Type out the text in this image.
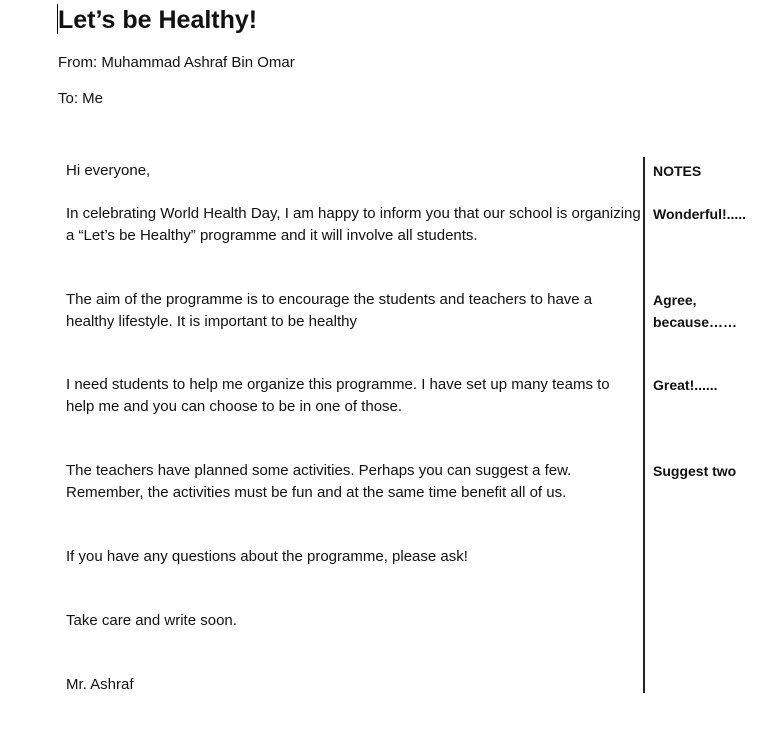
Let’s be Healthy!
From: Muhammad Ashraf Bin Omar
To: Me
Hi everyone,
In celebrating World Health Day, I am happy to inform you that our school is organizing a “Let’s be Healthy” programme and it will involve all students.
The aim of the programme is to encourage the students and teachers to have a healthy lifestyle. It is important to be healthy
I need students to help me organize this programme. I have set up many teams to help me and you can choose to be in one of those.
The teachers have planned some activities. Perhaps you can suggest a few. Remember, the activities must be fun and at the same time benefit all of us.
If you have any questions about the programme, please ask!
Take care and write soon.
Mr. Ashraf
NOTES
Wonderful!.....
Agree, because……
Great!......
Suggest two
